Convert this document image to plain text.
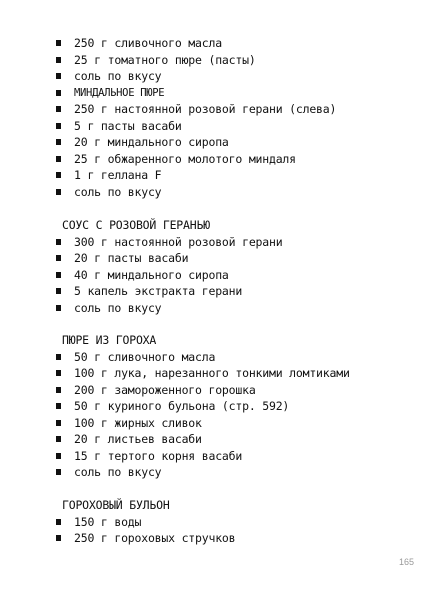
250 г сливочного масла
25 г томатного пюре (пасты)
соль по вкусу
МИНДАЛЬНОЕ ПЮРЕ
250 г настоянной розовой герани (слева)
5 г пасты васаби
20 г миндального сиропа
25 г обжаренного молотого миндаля
1 г геллана F
соль по вкусу
СОУС С РОЗОВОЙ ГЕРАНЬЮ
300 г настоянной розовой герани
20 г пасты васаби
40 г миндального сиропа
5 капель экстракта герани
соль по вкусу
ПЮРЕ ИЗ ГОРОХА
50 г сливочного масла
100 г лука, нарезанного тонкими ломтиками
200 г замороженного горошка
50 г куриного бульона (стр. 592)
100 г жирных сливок
20 г листьев васаби
15 г тертого корня васаби
соль по вкусу
ГОРОХОВЫЙ БУЛЬОН
150 г воды
250 г гороховых стручков
165
